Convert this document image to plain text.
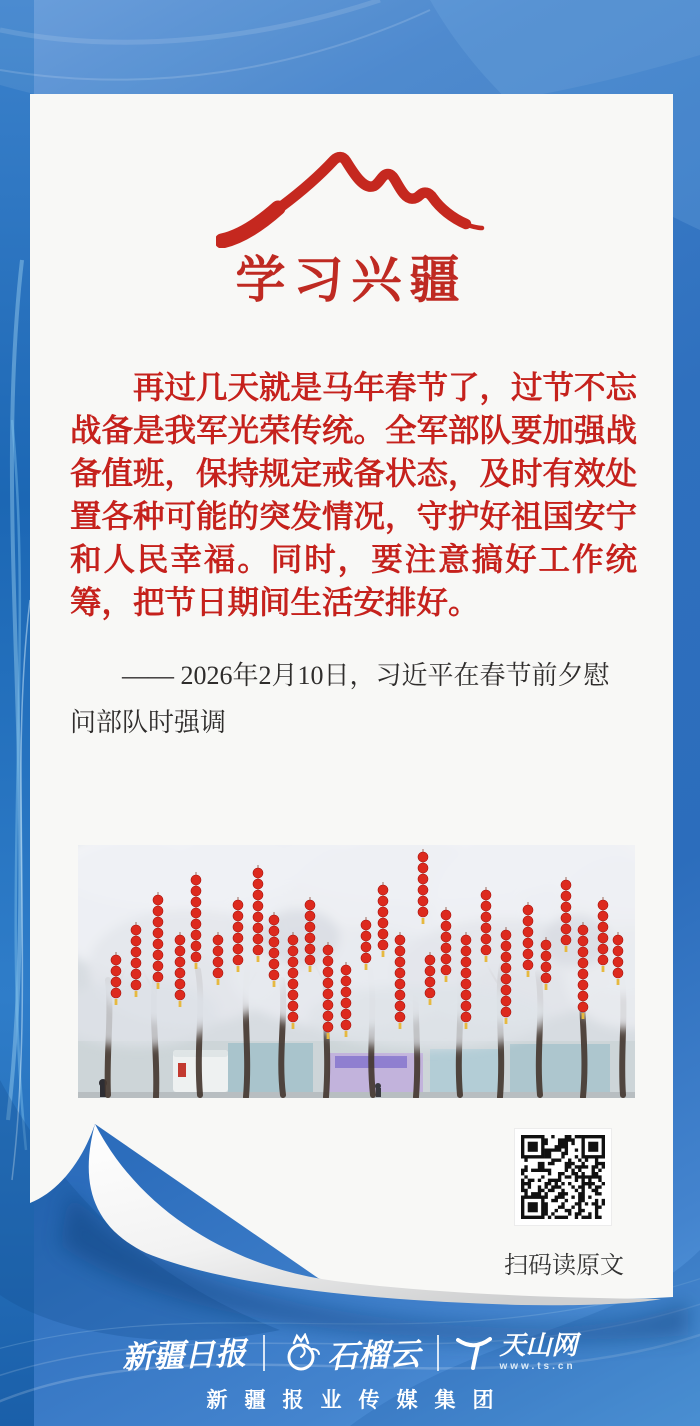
学习兴疆
再过几天就是马年春节了，过节不忘战备是我军光荣传统。全军部队要加强战备值班，保持规定戒备状态，及时有效处置各种可能的突发情况，守护好祖国安宁和人民幸福。同时，要注意搞好工作统筹，把节日期间生活安排好。
—— 2026年2月10日，习近平在春节前夕慰问部队时强调
扫码读原文
新疆日报	石榴云	天山网
www.ts.cn
新疆报业传媒集团
